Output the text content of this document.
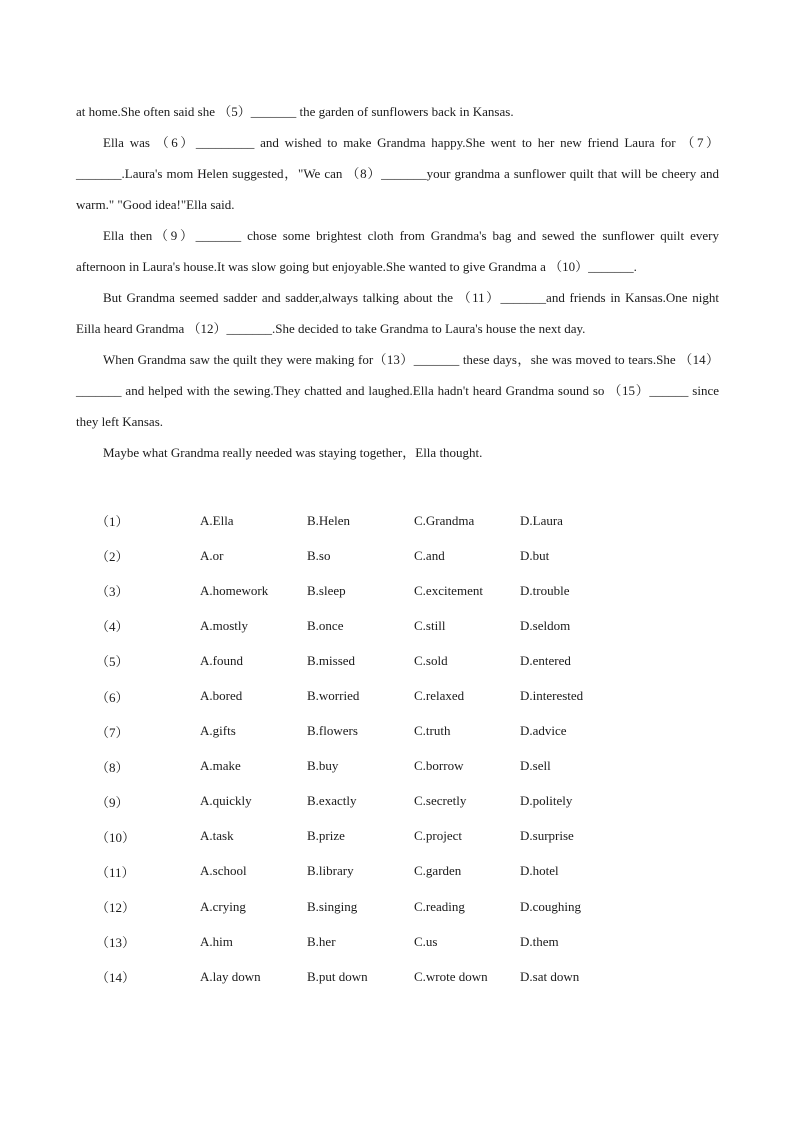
at home.She often said she （5）_______ the garden of sunflowers back in Kansas.

Ella was （6）_________ and wished to make Grandma happy.She went to her new friend Laura for （7）_______.Laura's mom Helen suggested，"We can （8）_______your grandma a sunflower quilt that will be cheery and warm." "Good idea!"Ella said.

Ella then（9）_______ chose some brightest cloth from Grandma's bag and sewed the sunflower quilt every afternoon in Laura's house.It was slow going but enjoyable.She wanted to give Grandma a （10）_______.

But Grandma seemed sadder and sadder,always talking about the （11）_______and friends in Kansas.One night Eilla heard Grandma （12）_______.She decided to take Grandma to Laura's house the next day.

When Grandma saw the quilt they were making for（13）_______ these days，she was moved to tears.She （14）_______ and helped with the sewing.They chatted and laughed.Ella hadn't heard Grandma sound so （15）______ since they left Kansas.

Maybe what Grandma really needed was staying together，Ella thought.

（1）	A.Ella	B.Helen	C.Grandma	D.Laura
（2）	A.or	B.so	C.and	D.but
（3）	A.homework	B.sleep	C.excitement	D.trouble
（4）	A.mostly	B.once	C.still	D.seldom
（5）	A.found	B.missed	C.sold	D.entered
（6）	A.bored	B.worried	C.relaxed	D.interested
（7）	A.gifts	B.flowers	C.truth	D.advice
（8）	A.make	B.buy	C.borrow	D.sell
（9）	A.quickly	B.exactly	C.secretly	D.politely
（10）	A.task	B.prize	C.project	D.surprise
（11）	A.school	B.library	C.garden	D.hotel
（12）	A.crying	B.singing	C.reading	D.coughing
（13）	A.him	B.her	C.us	D.them
（14）	A.lay down	B.put down	C.wrote down	D.sat down
